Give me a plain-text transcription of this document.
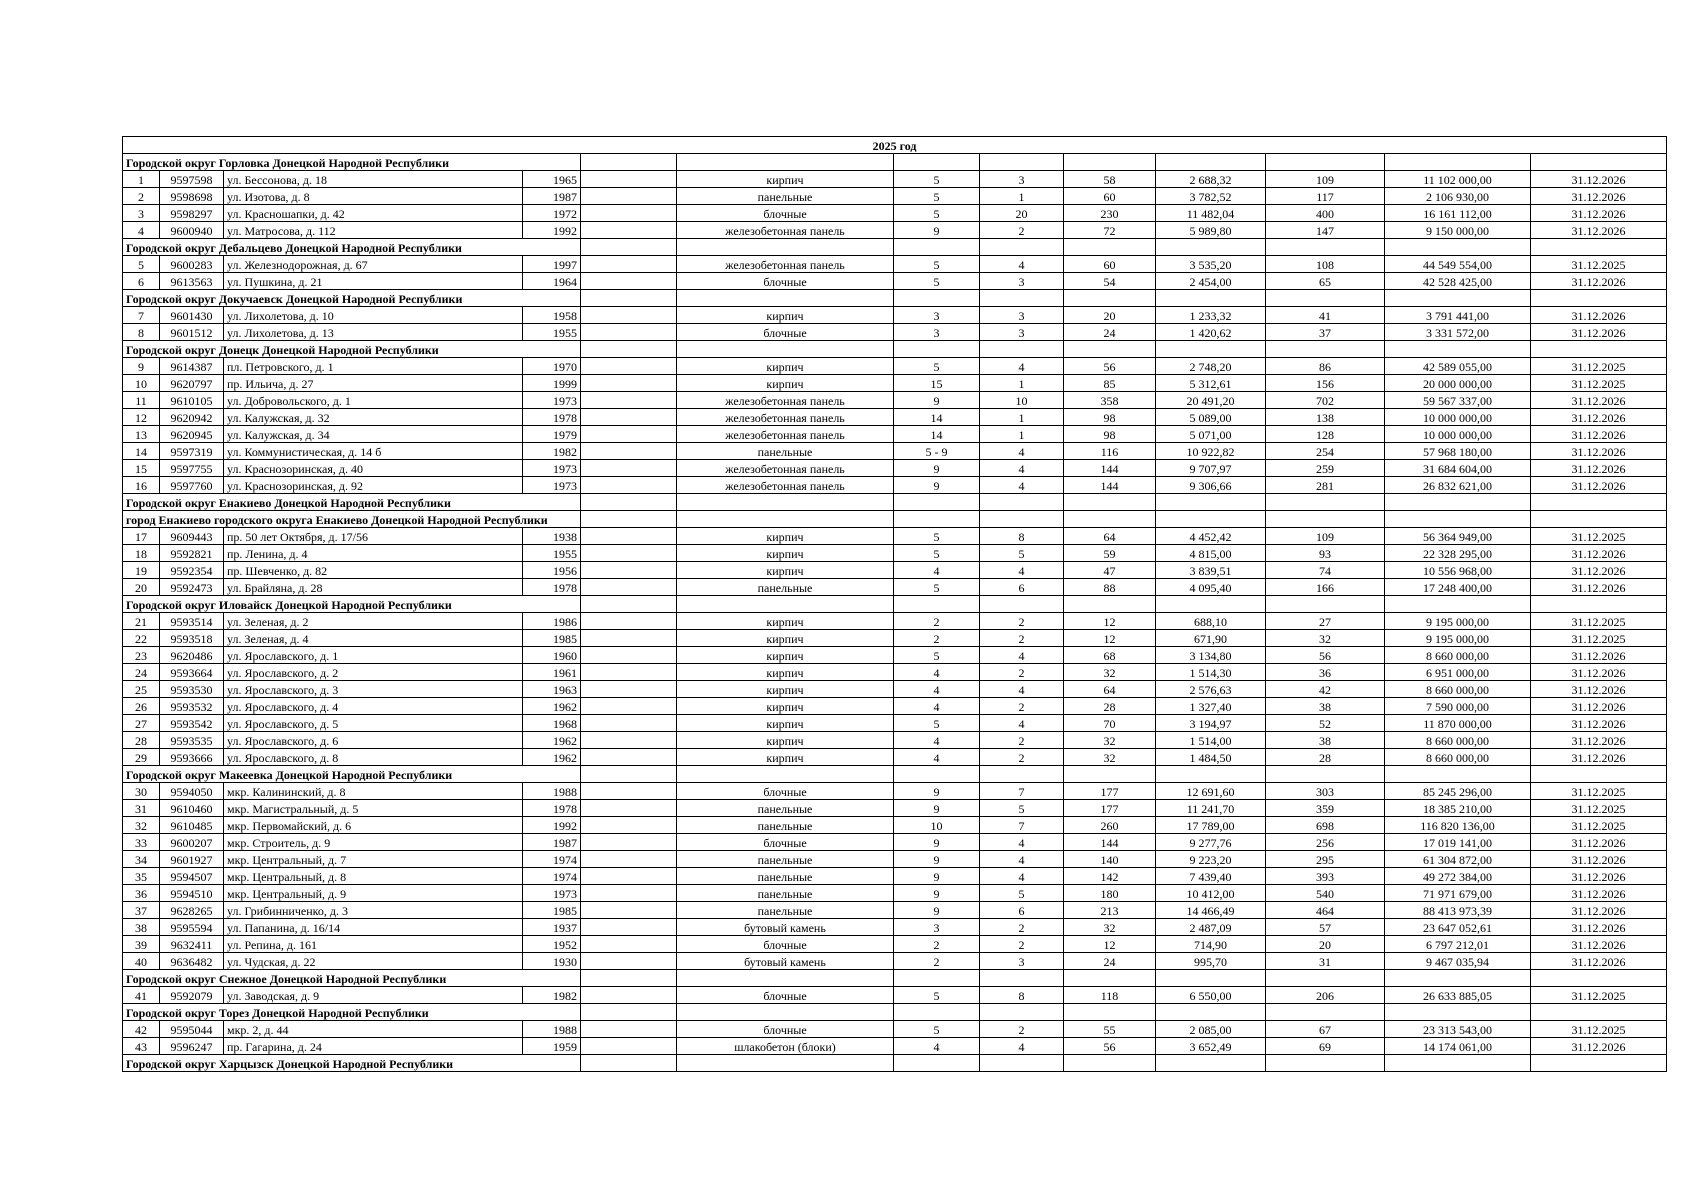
2025 год												
Городской округ Горловка Донецкой Народной Республики												
1	9597598	ул. Бессонова, д. 18	1965		кирпич	5	3	58	2 688,32	109	11 102 000,00	31.12.2026
2	9598698	ул. Изотова, д. 8	1987		панельные	5	1	60	3 782,52	117	2 106 930,00	31.12.2026
3	9598297	ул. Красношапки, д. 42	1972		блочные	5	20	230	11 482,04	400	16 161 112,00	31.12.2026
4	9600940	ул. Матросова, д. 112	1992		железобетонная панель	9	2	72	5 989,80	147	9 150 000,00	31.12.2026
Городской округ Дебальцево Донецкой Народной Республики												
5	9600283	ул. Железнодорожная, д. 67	1997		железобетонная панель	5	4	60	3 535,20	108	44 549 554,00	31.12.2025
6	9613563	ул. Пушкина, д. 21	1964		блочные	5	3	54	2 454,00	65	42 528 425,00	31.12.2026
Городской округ Докучаевск Донецкой Народной Республики												
7	9601430	ул. Лихолетова, д. 10	1958		кирпич	3	3	20	1 233,32	41	3 791 441,00	31.12.2026
8	9601512	ул. Лихолетова, д. 13	1955		блочные	3	3	24	1 420,62	37	3 331 572,00	31.12.2026
Городской округ Донецк Донецкой Народной Республики												
9	9614387	пл. Петровского, д. 1	1970		кирпич	5	4	56	2 748,20	86	42 589 055,00	31.12.2025
10	9620797	пр. Ильича, д. 27	1999		кирпич	15	1	85	5 312,61	156	20 000 000,00	31.12.2025
11	9610105	ул. Добровольского, д. 1	1973		железобетонная панель	9	10	358	20 491,20	702	59 567 337,00	31.12.2026
12	9620942	ул. Калужская, д. 32	1978		железобетонная панель	14	1	98	5 089,00	138	10 000 000,00	31.12.2026
13	9620945	ул. Калужская, д. 34	1979		железобетонная панель	14	1	98	5 071,00	128	10 000 000,00	31.12.2026
14	9597319	ул. Коммунистическая, д. 14 б	1982		панельные	5 - 9	4	116	10 922,82	254	57 968 180,00	31.12.2026
15	9597755	ул. Краснозоринская, д. 40	1973		железобетонная панель	9	4	144	9 707,97	259	31 684 604,00	31.12.2026
16	9597760	ул. Краснозоринская, д. 92	1973		железобетонная панель	9	4	144	9 306,66	281	26 832 621,00	31.12.2026
Городской округ Енакиево Донецкой Народной Республики												
город Енакиево городского округа Енакиево Донецкой Народной Республики												
17	9609443	пр. 50 лет Октября, д. 17/56	1938		кирпич	5	8	64	4 452,42	109	56 364 949,00	31.12.2025
18	9592821	пр. Ленина, д. 4	1955		кирпич	5	5	59	4 815,00	93	22 328 295,00	31.12.2026
19	9592354	пр. Шевченко, д. 82	1956		кирпич	4	4	47	3 839,51	74	10 556 968,00	31.12.2026
20	9592473	ул. Брайляна, д. 28	1978		панельные	5	6	88	4 095,40	166	17 248 400,00	31.12.2026
Городской округ Иловайск Донецкой Народной Республики												
21	9593514	ул. Зеленая, д. 2	1986		кирпич	2	2	12	688,10	27	9 195 000,00	31.12.2025
22	9593518	ул. Зеленая, д. 4	1985		кирпич	2	2	12	671,90	32	9 195 000,00	31.12.2025
23	9620486	ул. Ярославского, д. 1	1960		кирпич	5	4	68	3 134,80	56	8 660 000,00	31.12.2026
24	9593664	ул. Ярославского, д. 2	1961		кирпич	4	2	32	1 514,30	36	6 951 000,00	31.12.2026
25	9593530	ул. Ярославского, д. 3	1963		кирпич	4	4	64	2 576,63	42	8 660 000,00	31.12.2026
26	9593532	ул. Ярославского, д. 4	1962		кирпич	4	2	28	1 327,40	38	7 590 000,00	31.12.2026
27	9593542	ул. Ярославского, д. 5	1968		кирпич	5	4	70	3 194,97	52	11 870 000,00	31.12.2026
28	9593535	ул. Ярославского, д. 6	1962		кирпич	4	2	32	1 514,00	38	8 660 000,00	31.12.2026
29	9593666	ул. Ярославского, д. 8	1962		кирпич	4	2	32	1 484,50	28	8 660 000,00	31.12.2026
Городской округ Макеевка Донецкой Народной Республики												
30	9594050	мкр. Калининский, д. 8	1988		блочные	9	7	177	12 691,60	303	85 245 296,00	31.12.2025
31	9610460	мкр. Магистральный, д. 5	1978		панельные	9	5	177	11 241,70	359	18 385 210,00	31.12.2025
32	9610485	мкр. Первомайский, д. 6	1992		панельные	10	7	260	17 789,00	698	116 820 136,00	31.12.2025
33	9600207	мкр. Строитель, д. 9	1987		блочные	9	4	144	9 277,76	256	17 019 141,00	31.12.2026
34	9601927	мкр. Центральный, д. 7	1974		панельные	9	4	140	9 223,20	295	61 304 872,00	31.12.2026
35	9594507	мкр. Центральный, д. 8	1974		панельные	9	4	142	7 439,40	393	49 272 384,00	31.12.2026
36	9594510	мкр. Центральный, д. 9	1973		панельные	9	5	180	10 412,00	540	71 971 679,00	31.12.2026
37	9628265	ул. Грибинниченко, д. 3	1985		панельные	9	6	213	14 466,49	464	88 413 973,39	31.12.2026
38	9595594	ул. Папанина, д. 16/14	1937		бутовый камень	3	2	32	2 487,09	57	23 647 052,61	31.12.2026
39	9632411	ул. Репина, д. 161	1952		блочные	2	2	12	714,90	20	6 797 212,01	31.12.2026
40	9636482	ул. Чудская, д. 22	1930		бутовый камень	2	3	24	995,70	31	9 467 035,94	31.12.2026
Городской округ Снежное Донецкой Народной Республики												
41	9592079	ул. Заводская, д. 9	1982		блочные	5	8	118	6 550,00	206	26 633 885,05	31.12.2025
Городской округ Торез Донецкой Народной Республики												
42	9595044	мкр. 2, д. 44	1988		блочные	5	2	55	2 085,00	67	23 313 543,00	31.12.2025
43	9596247	пр. Гагарина, д. 24	1959		шлакобетон (блоки)	4	4	56	3 652,49	69	14 174 061,00	31.12.2026
Городской округ Харцызск Донецкой Народной Республики												
